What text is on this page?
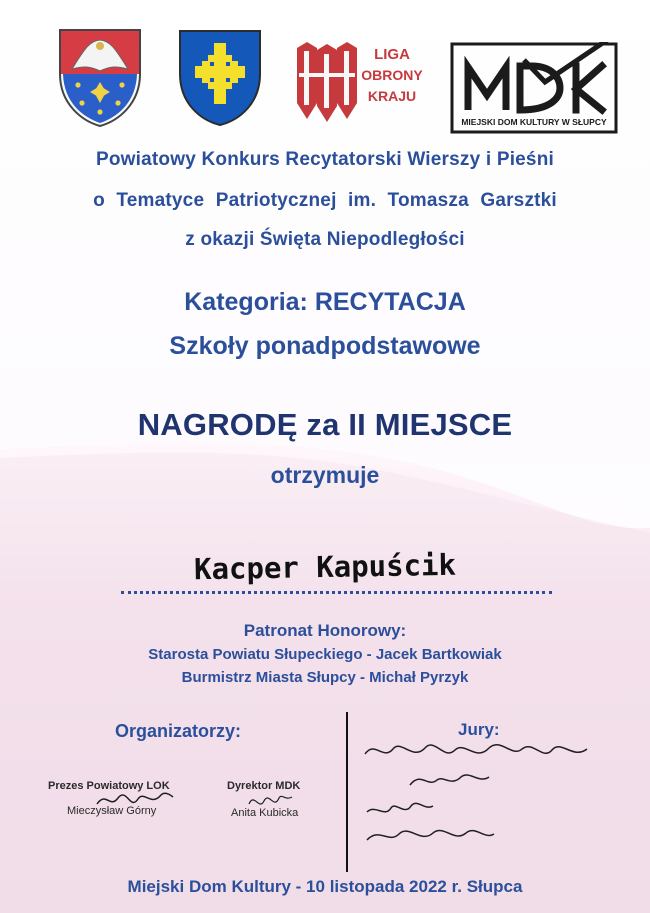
LIGA
OBRONY
KRAJU
MIEJSKI DOM KULTURY W SŁUPCY
Powiatowy Konkurs Recytatorski Wierszy i Pieśni
o Tematyce Patriotycznej im. Tomasza Garsztki
z okazji Święta Niepodległości
Kategoria: RECYTACJA
Szkoły ponadpodstawowe
NAGRODĘ za II MIEJSCE
otrzymuje
Kacper Kapuścik
Patronat Honorowy:
Starosta Powiatu Słupeckiego - Jacek Bartkowiak
Burmistrz Miasta Słupcy - Michał Pyrzyk
Organizatorzy:	Jury:
Prezes Powiatowy LOK
Mieczysław Górny
Dyrektor MDK
Anita Kubicka
Miejski Dom Kultury - 10 listopada 2022 r. Słupca
